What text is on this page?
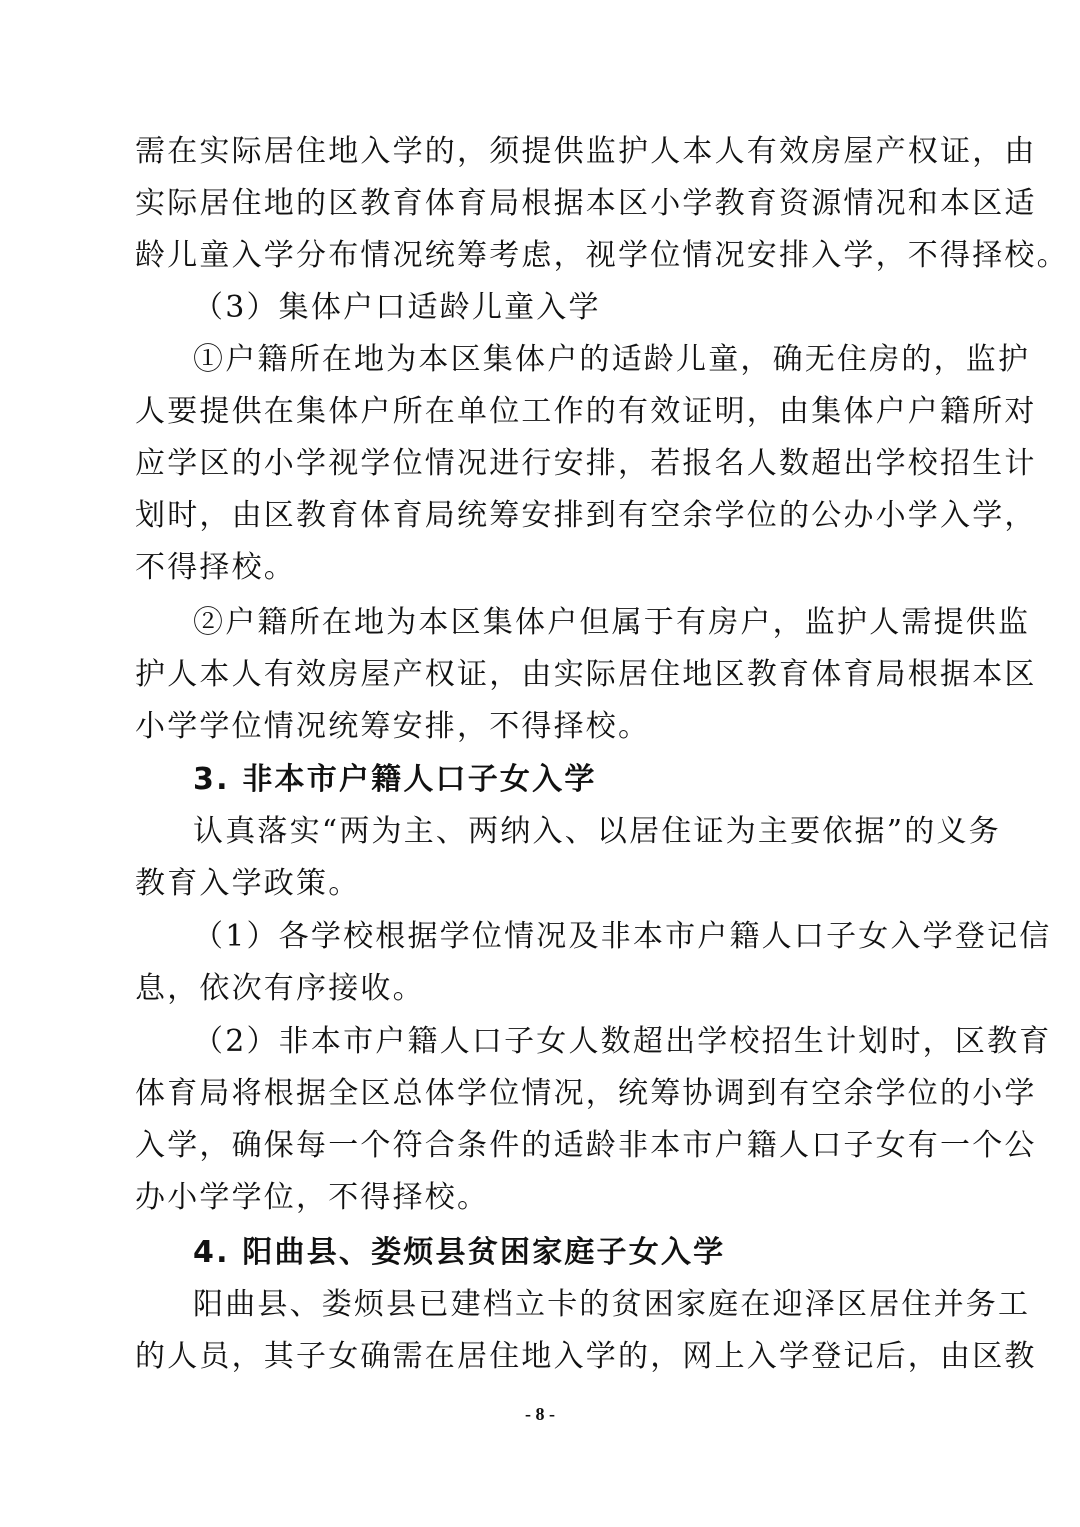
需在实际居住地入学的，须提供监护人本人有效房屋产权证，由
实际居住地的区教育体育局根据本区小学教育资源情况和本区适
龄儿童入学分布情况统筹考虑，视学位情况安排入学，不得择校。
（3）集体户口适龄儿童入学
①户籍所在地为本区集体户的适龄儿童，确无住房的，监护
人要提供在集体户所在单位工作的有效证明，由集体户户籍所对
应学区的小学视学位情况进行安排，若报名人数超出学校招生计
划时，由区教育体育局统筹安排到有空余学位的公办小学入学，
不得择校。
②户籍所在地为本区集体户但属于有房户，监护人需提供监
护人本人有效房屋产权证，由实际居住地区教育体育局根据本区
小学学位情况统筹安排，不得择校。
3. 非本市户籍人口子女入学
认真落实“两为主、两纳入、以居住证为主要依据”的义务
教育入学政策。
（1）各学校根据学位情况及非本市户籍人口子女入学登记信
息，依次有序接收。
（2）非本市户籍人口子女人数超出学校招生计划时，区教育
体育局将根据全区总体学位情况，统筹协调到有空余学位的小学
入学，确保每一个符合条件的适龄非本市户籍人口子女有一个公
办小学学位，不得择校。
4. 阳曲县、娄烦县贫困家庭子女入学
阳曲县、娄烦县已建档立卡的贫困家庭在迎泽区居住并务工
的人员，其子女确需在居住地入学的，网上入学登记后，由区教
- 8 -
